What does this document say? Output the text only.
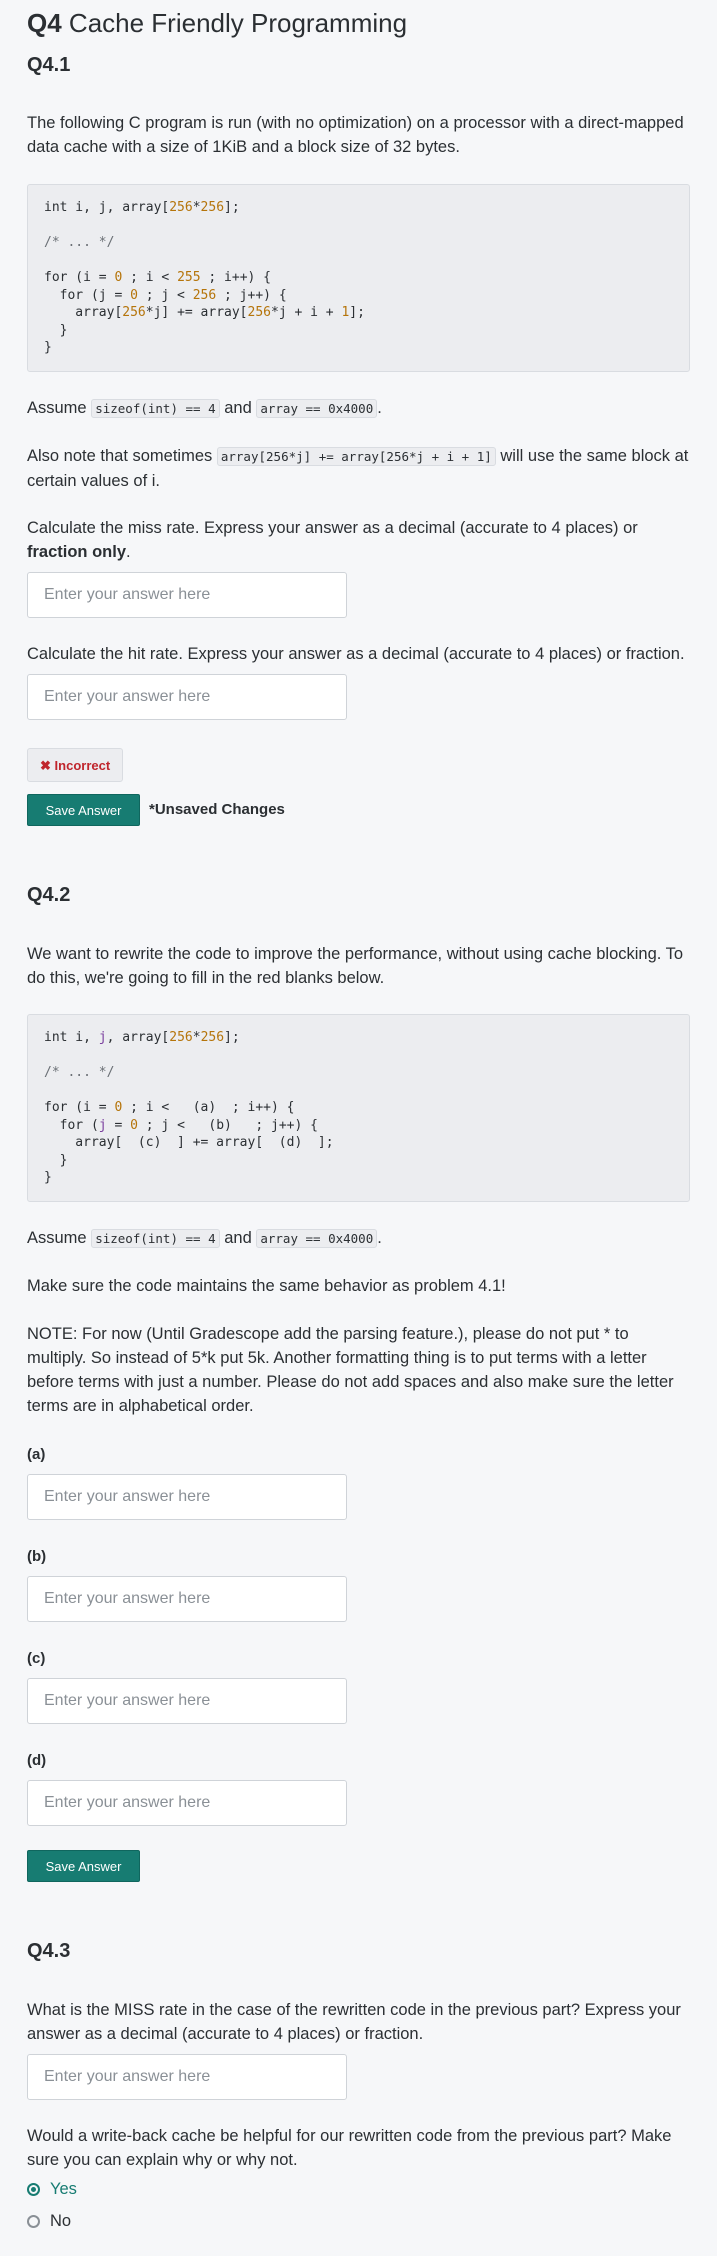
Q4 Cache Friendly Programming
Q4.1

The following C program is run (with no optimization) on a processor with a direct-mapped data cache with a size of 1KiB and a block size of 32 bytes.

int i, j, array[256*256];

/* ... */

for (i = 0 ; i < 255 ; i++) {
for (j = 0 ; j < 256 ; j++) {
array[256*j] += array[256*j + i + 1];
}
}

Assume sizeof(int) == 4 and array == 0x4000 .

Also note that sometimes array[256*j] += array[256*j + i + 1] will use the same block at certain values of i.

Calculate the miss rate. Express your answer as a decimal (accurate to 4 places) or fraction only.

Enter your answer here

Calculate the hit rate. Express your answer as a decimal (accurate to 4 places) or fraction.

Enter your answer here
✖ Incorrect
Save Answer	*Unsaved Changes
Q4.2

We want to rewrite the code to improve the performance, without using cache blocking. To do this, we're going to fill in the red blanks below.

int i, j, array[256*256];

/* ... */

for (i = 0 ; i <   (a)  ; i++) {
for (j = 0 ; j <   (b)   ; j++) {
array[  (c)  ] += array[  (d)  ];
}
}

Assume sizeof(int) == 4 and array == 0x4000 .

Make sure the code maintains the same behavior as problem 4.1!

NOTE: For now (Until Gradescope add the parsing feature.), please do not put * to multiply. So instead of 5*k put 5k. Another formatting thing is to put terms with a letter before terms with just a number. Please do not add spaces and also make sure the letter terms are in alphabetical order.

(a)

Enter your answer here

(b)

Enter your answer here

(c)

Enter your answer here

(d)

Enter your answer here
Save Answer
Q4.3

What is the MISS rate in the case of the rewritten code in the previous part? Express your answer as a decimal (accurate to 4 places) or fraction.

Enter your answer here

Would a write-back cache be helpful for our rewritten code from the previous part? Make sure you can explain why or why not.

Yes
No
